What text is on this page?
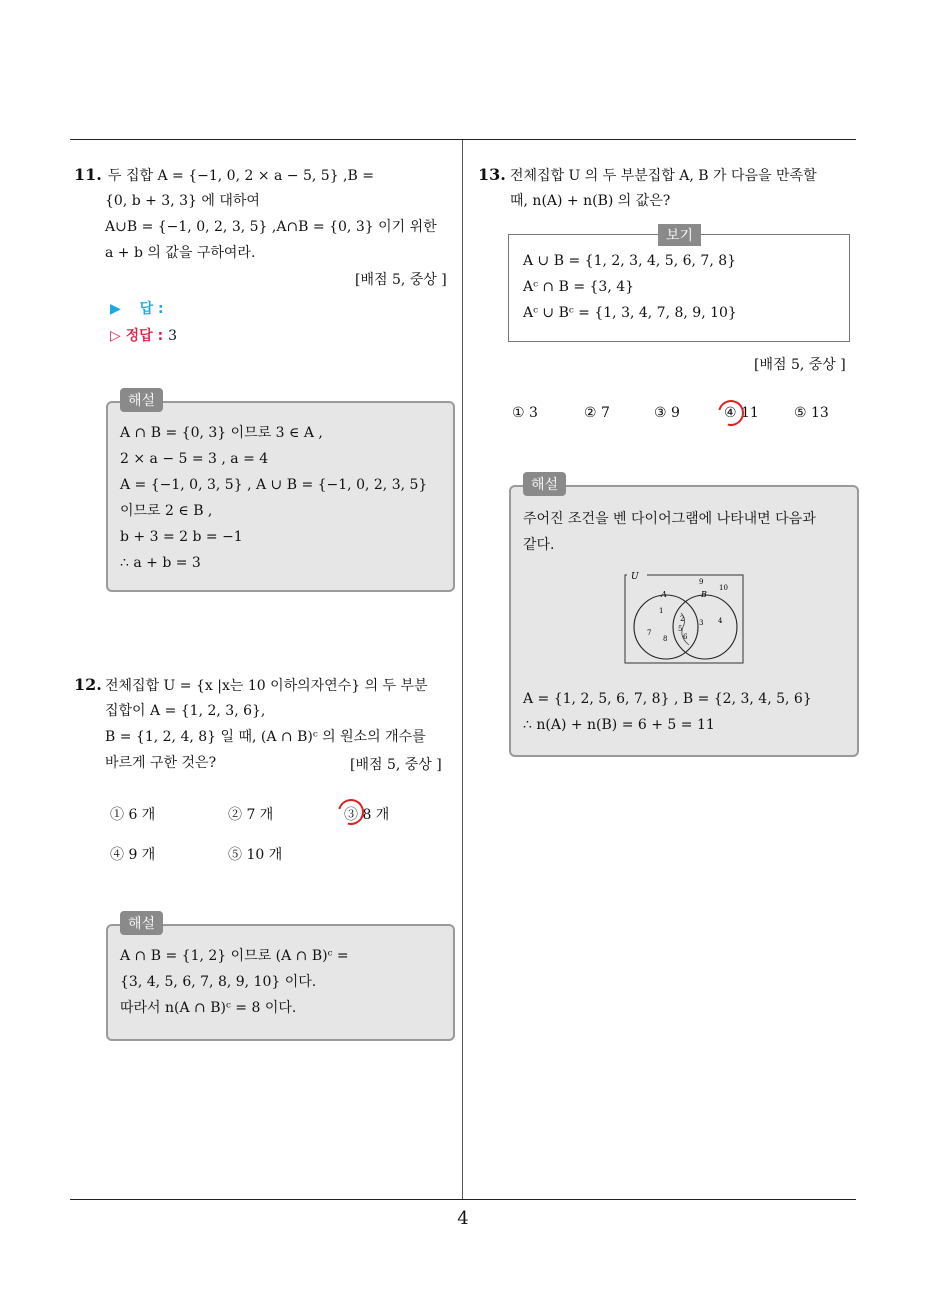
4
11. 두 집합 A = {−1, 0, 2 × a − 5, 5} ,B =
{0, b + 3, 3} 에 대하여
A∪B = {−1, 0, 2, 3, 5} ,A∩B = {0, 3} 이기 위한
a + b 의 값을 구하여라.
[배점 5, 중상 ]
▶ 답 :
▷ 정답 : 3
A ∩ B = {0, 3} 이므로 3 ∈ A ,
2 × a − 5 = 3 , a = 4
A = {−1, 0, 3, 5} , A ∪ B = {−1, 0, 2, 3, 5}
이므로 2 ∈ B ,
b + 3 = 2 b = −1
∴ a + b = 3
해설
12. 전체집합 U = {x |x는 10 이하의자연수} 의 두 부분
집합이 A = {1, 2, 3, 6},
B = {1, 2, 4, 8} 일 때, (A ∩ B)ᶜ 의 원소의 개수를
바르게 구한 것은?	[배점 5, 중상 ]
① 6 개	② 7 개	③ 8 개
④ 9 개	⑤ 10 개
A ∩ B = {1, 2} 이므로 (A ∩ B)ᶜ =
{3, 4, 5, 6, 7, 8, 9, 10} 이다.
따라서 n(A ∩ B)ᶜ = 8 이다.
해설
13. 전체집합 U 의 두 부분집합 A, B 가 다음을 만족할
때, n(A) + n(B) 의 값은?
A ∪ B = {1, 2, 3, 4, 5, 6, 7, 8}
Aᶜ ∩ B = {3, 4}
Aᶜ ∪ Bᶜ = {1, 3, 4, 7, 8, 9, 10}
보기
[배점 5, 중상 ]
① 3	② 7	③ 9	④ 11	⑤ 13
주어진 조건을 벤 다이어그램에 나타내면 다음과
같다.
U
A	B
9
10
1
7
8
2
5
6
3 4
A = {1, 2, 5, 6, 7, 8} , B = {2, 3, 4, 5, 6}
∴ n(A) + n(B) = 6 + 5 = 11
해설
